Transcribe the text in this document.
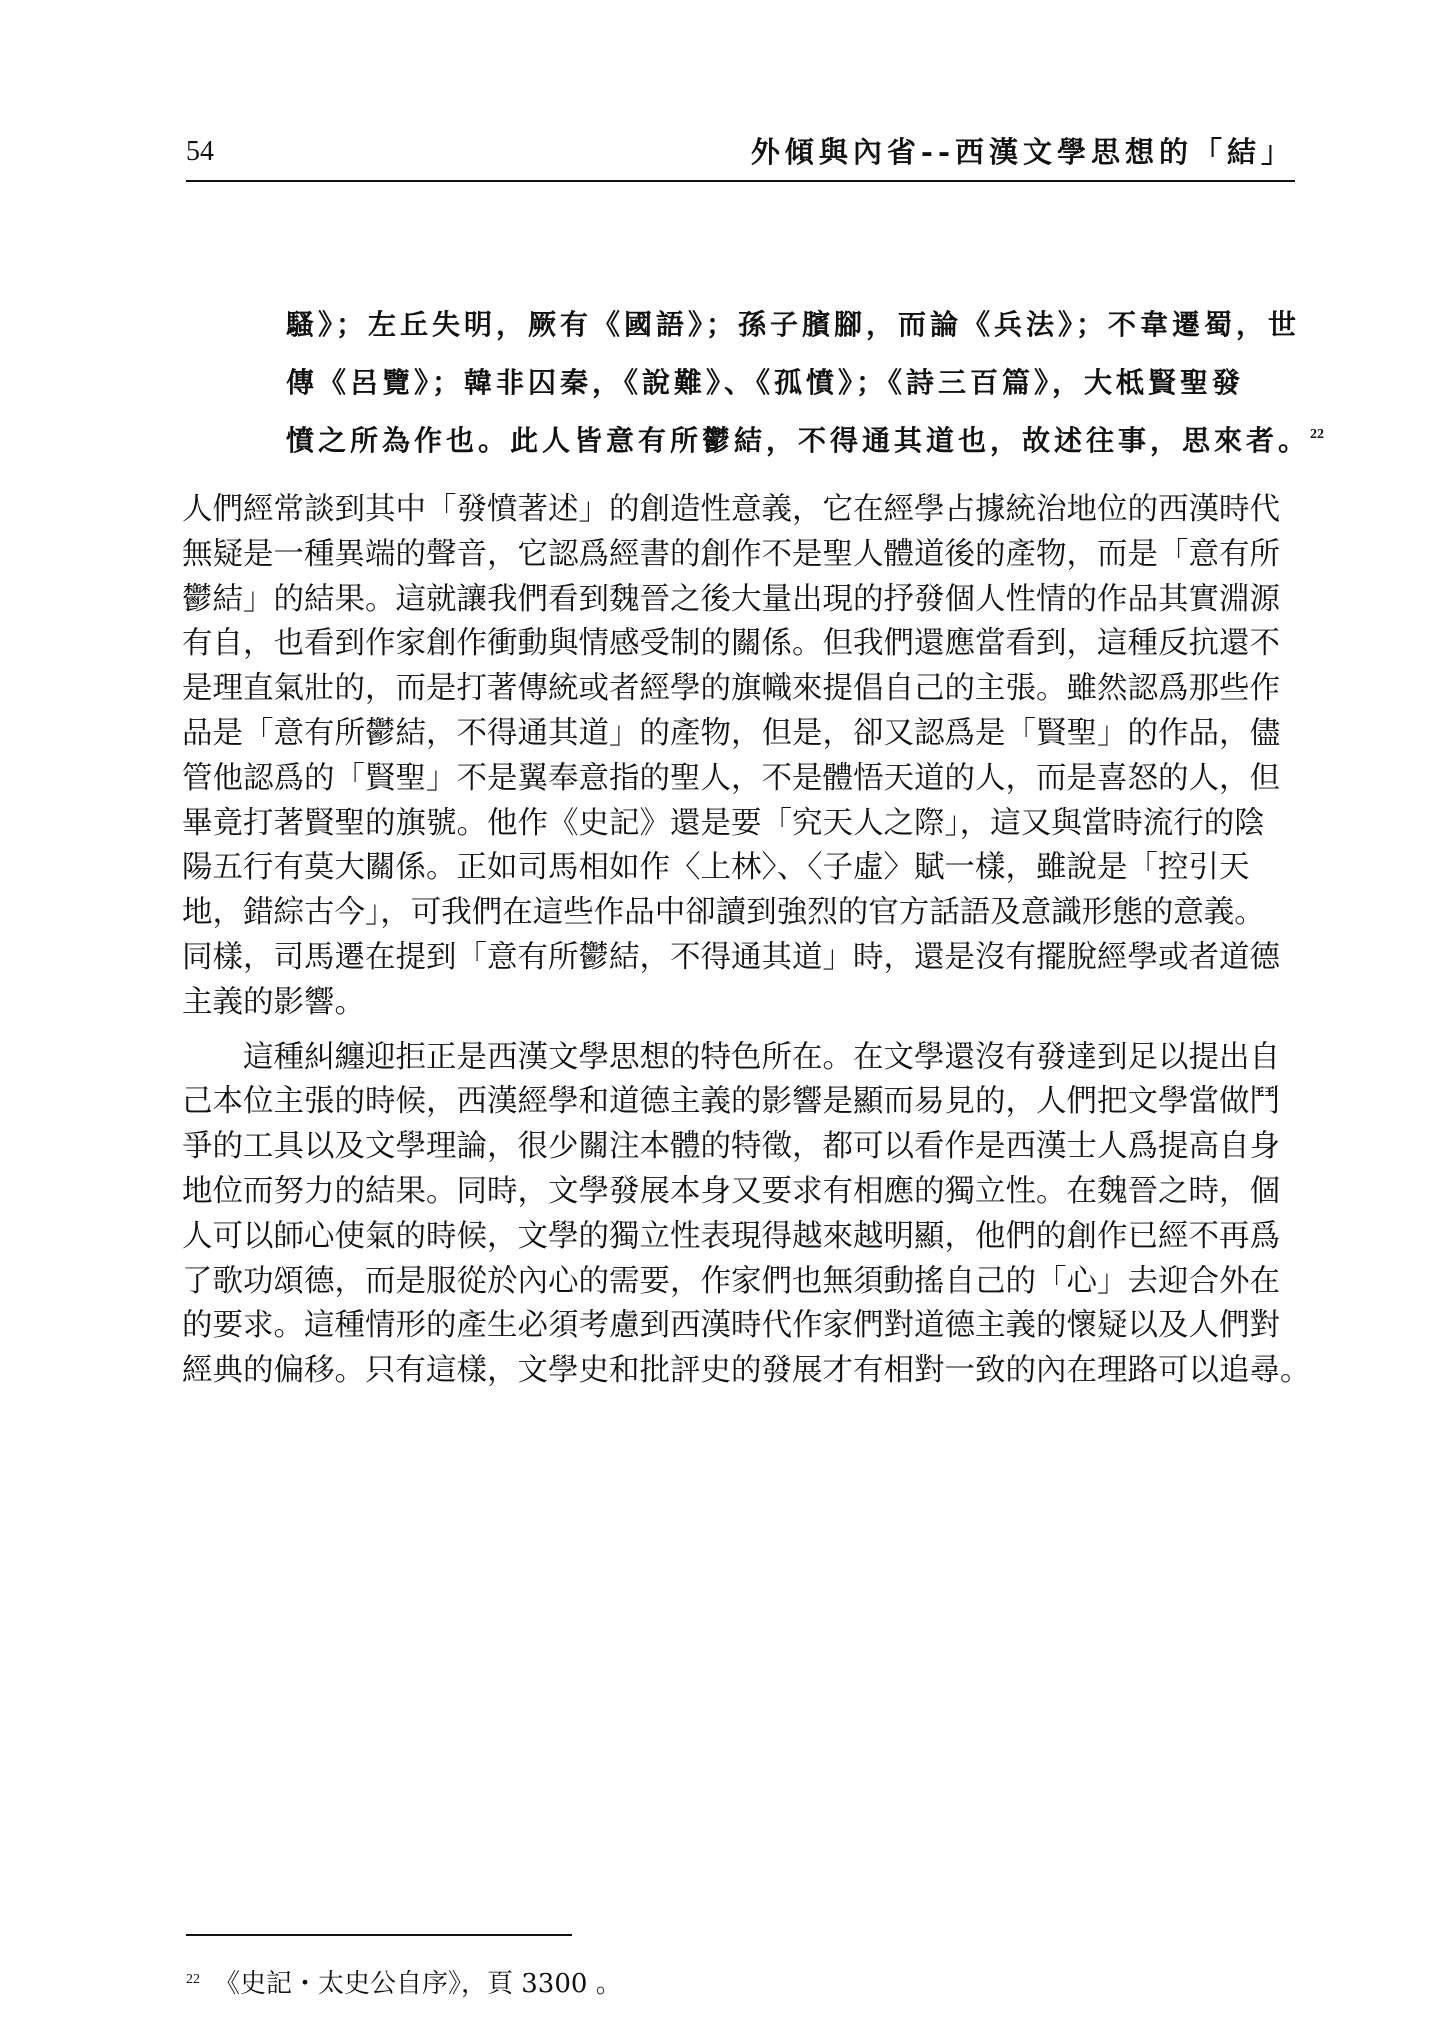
54	外傾與內省--西漢文學思想的「結」
騷》；左丘失明，厥有《國語》；孫子臏腳，而論《兵法》；不韋遷蜀，世
傳《呂覽》；韓非囚秦，《說難》、《孤憤》；《詩三百篇》，大柢賢聖發
憤之所為作也。此人皆意有所鬱結，不得通其道也，故述往事，思來者。$^{22}$
人們經常談到其中「發憤著述」的創造性意義，它在經學占據統治地位的西漢時代
無疑是一種異端的聲音，它認爲經書的創作不是聖人體道後的產物，而是「意有所
鬱結」的結果。這就讓我們看到魏晉之後大量出現的抒發個人性情的作品其實淵源
有自，也看到作家創作衝動與情感受制的關係。但我們還應當看到，這種反抗還不
是理直氣壯的，而是打著傳統或者經學的旗幟來提倡自己的主張。雖然認爲那些作
品是「意有所鬱結，不得通其道」的產物，但是，卻又認爲是「賢聖」的作品，儘
管他認爲的「賢聖」不是翼奉意指的聖人，不是體悟天道的人，而是喜怒的人，但
畢竟打著賢聖的旗號。他作《史記》還是要「究天人之際」，這又與當時流行的陰
陽五行有莫大關係。正如司馬相如作〈上林〉、〈子虛〉賦一樣，雖說是「控引天
地，錯綜古今」，可我們在這些作品中卻讀到強烈的官方話語及意識形態的意義。
同樣，司馬遷在提到「意有所鬱結，不得通其道」時，還是沒有擺脫經學或者道德
主義的影響。
　　這種糾纏迎拒正是西漢文學思想的特色所在。在文學還沒有發達到足以提出自
己本位主張的時候，西漢經學和道德主義的影響是顯而易見的，人們把文學當做鬥
爭的工具以及文學理論，很少關注本體的特徵，都可以看作是西漢士人爲提高自身
地位而努力的結果。同時，文學發展本身又要求有相應的獨立性。在魏晉之時，個
人可以師心使氣的時候，文學的獨立性表現得越來越明顯，他們的創作已經不再爲
了歌功頌德，而是服從於內心的需要，作家們也無須動搖自己的「心」去迎合外在
的要求。這種情形的產生必須考慮到西漢時代作家們對道德主義的懷疑以及人們對
經典的偏移。只有這樣，文學史和批評史的發展才有相對一致的內在理路可以追尋。
$^{22}$ 《史記・太史公自序》，頁 3300 。
